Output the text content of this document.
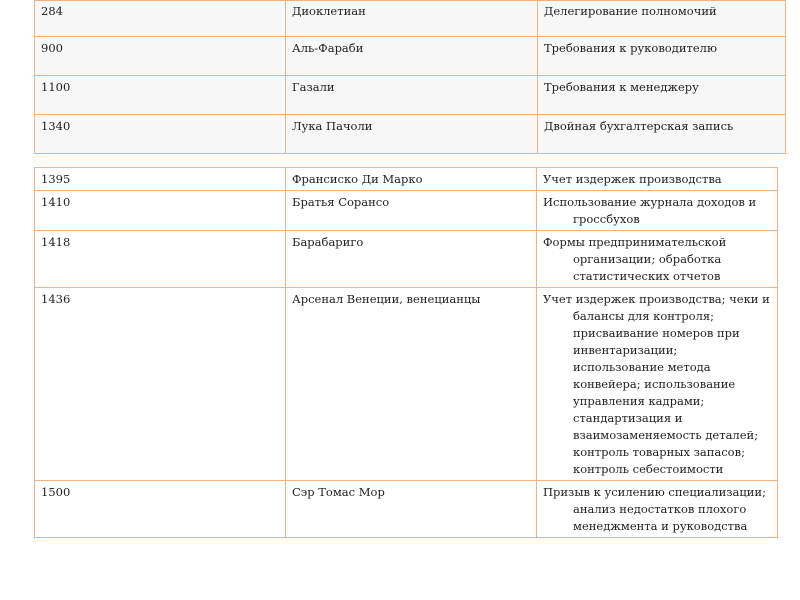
284	Диоклетиан	Делегирование полномочий
900	Аль-Фараби	Требования к руководителю
1100	Газали	Требования к менеджеру
1340	Лука Пачоли	Двойная бухгалтерская запись
1395	Франсиско Ди Марко	Учет издержек производства
1410	Братья Сорансо	Использование журнала доходов и гроссбухов
1418	Барабариго	Формы предпринимательской организации; обработка статистических отчетов
1436	Арсенал Венеции, венецианцы	Учет издержек производства; чеки и балансы для контроля; присваивание номеров при инвентаризации; использование метода конвейера; использование управления кадрами; стандартизация и взаимозаменяемость деталей; контроль товарных запасов; контроль себестоимости
1500	Сэр Томас Мор	Призыв к усилению специализации; анализ недостатков плохого менеджмента и руководства
